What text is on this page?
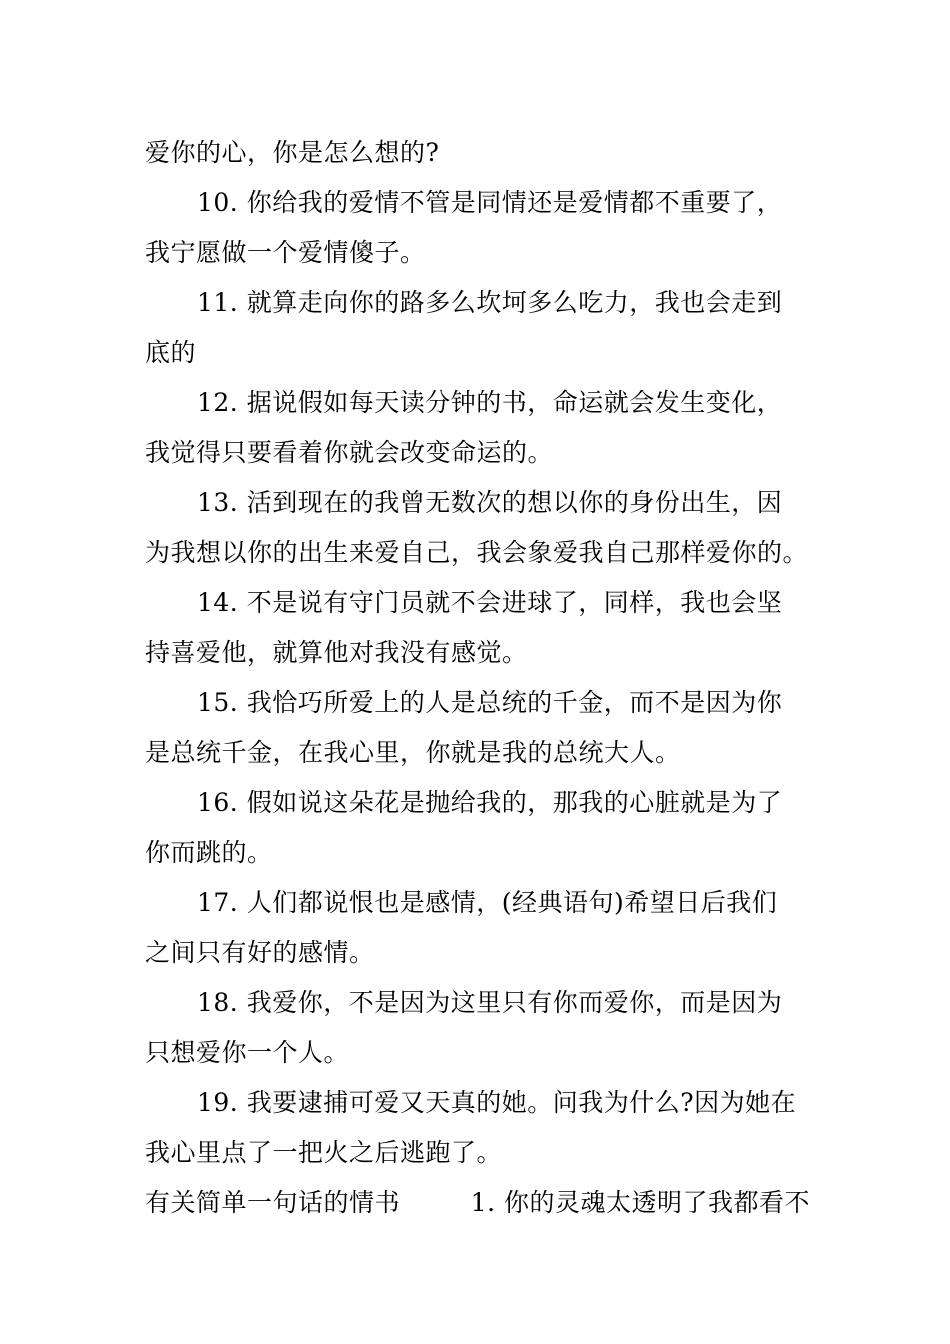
爱你的心，你是怎么想的?
10. 你给我的爱情不管是同情还是爱情都不重要了，
我宁愿做一个爱情傻子。
11. 就算走向你的路多么坎坷多么吃力，我也会走到
底的
12. 据说假如每天读分钟的书，命运就会发生变化，
我觉得只要看着你就会改变命运的。
13. 活到现在的我曾无数次的想以你的身份出生，因
为我想以你的出生来爱自己，我会象爱我自己那样爱你的。
14. 不是说有守门员就不会进球了，同样，我也会坚
持喜爱他，就算他对我没有感觉。
15. 我恰巧所爱上的人是总统的千金，而不是因为你
是总统千金，在我心里，你就是我的总统大人。
16. 假如说这朵花是抛给我的，那我的心脏就是为了
你而跳的。
17. 人们都说恨也是感情，(经典语句)希望日后我们
之间只有好的感情。
18. 我爱你，不是因为这里只有你而爱你，而是因为
只想爱你一个人。
19. 我要逮捕可爱又天真的她。问我为什么?因为她在
我心里点了一把火之后逃跑了。
有关简单一句话的情书	1. 你的灵魂太透明了我都看不
